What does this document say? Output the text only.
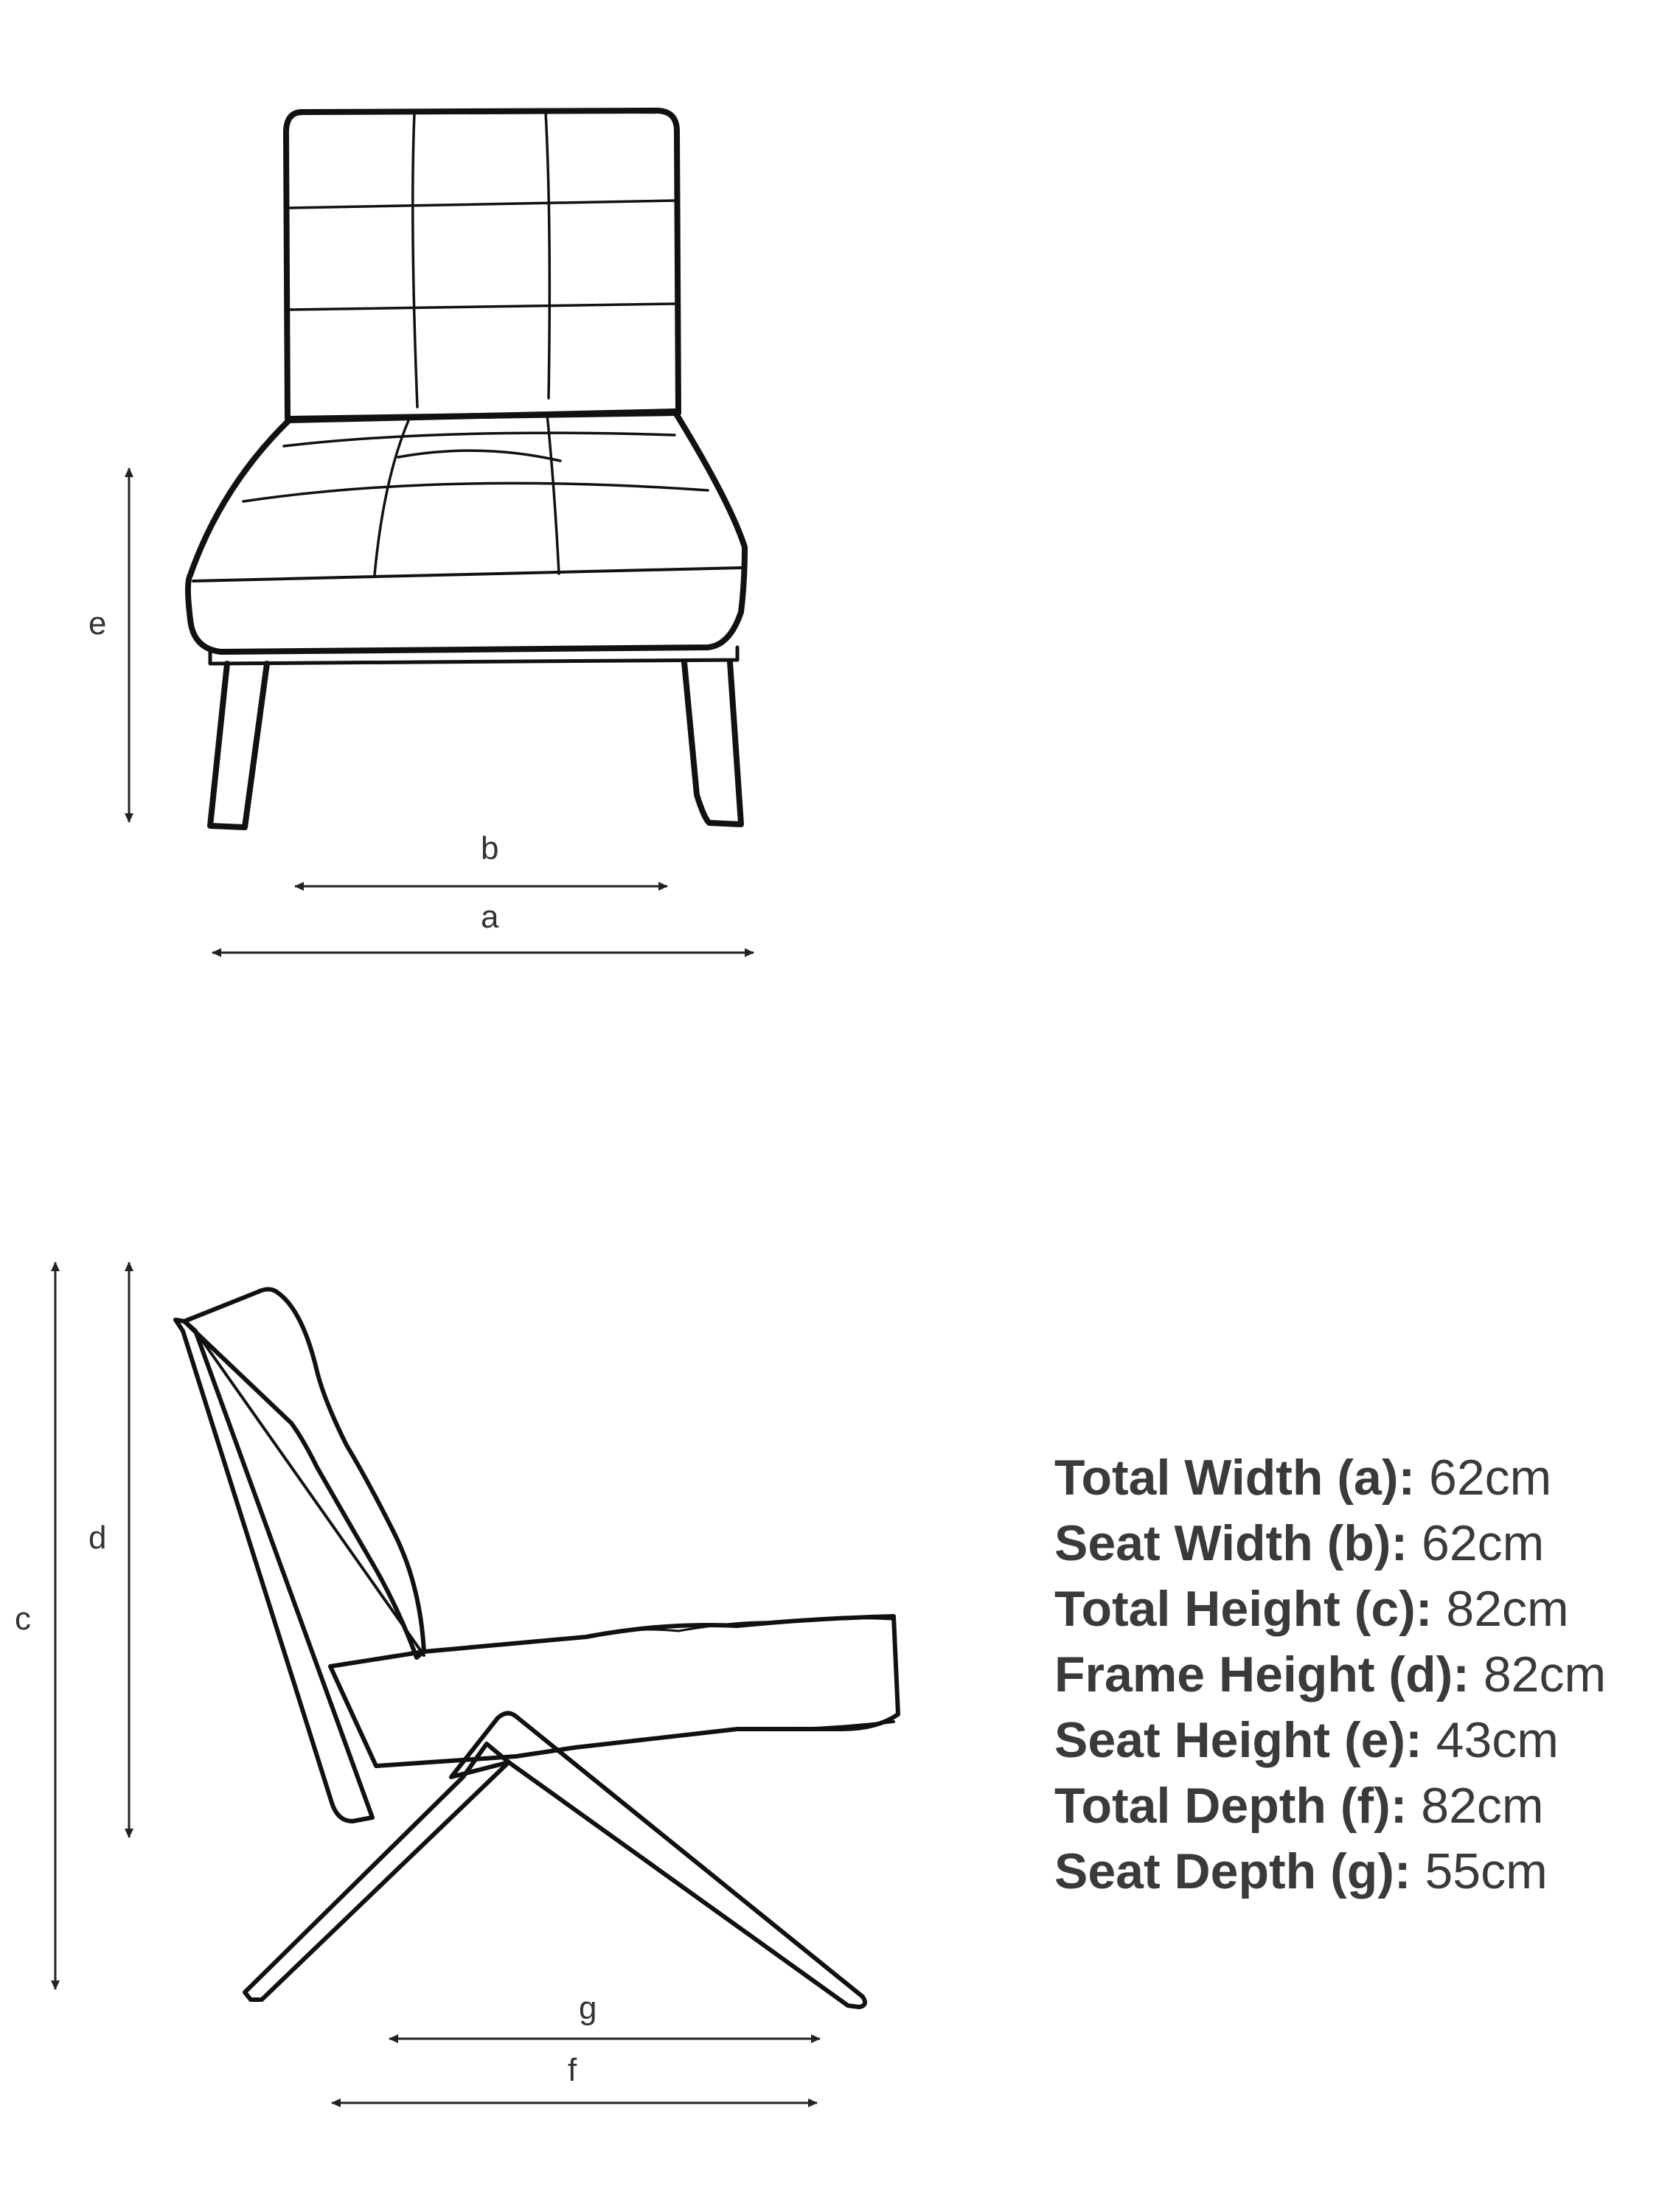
e
b
a
c
d
g
f
Total Width (a): 62cm
Seat Width (b): 62cm
Total Height (c): 82cm
Frame Height (d): 82cm
Seat Height (e): 43cm
Total Depth (f): 82cm
Seat Depth (g): 55cm
